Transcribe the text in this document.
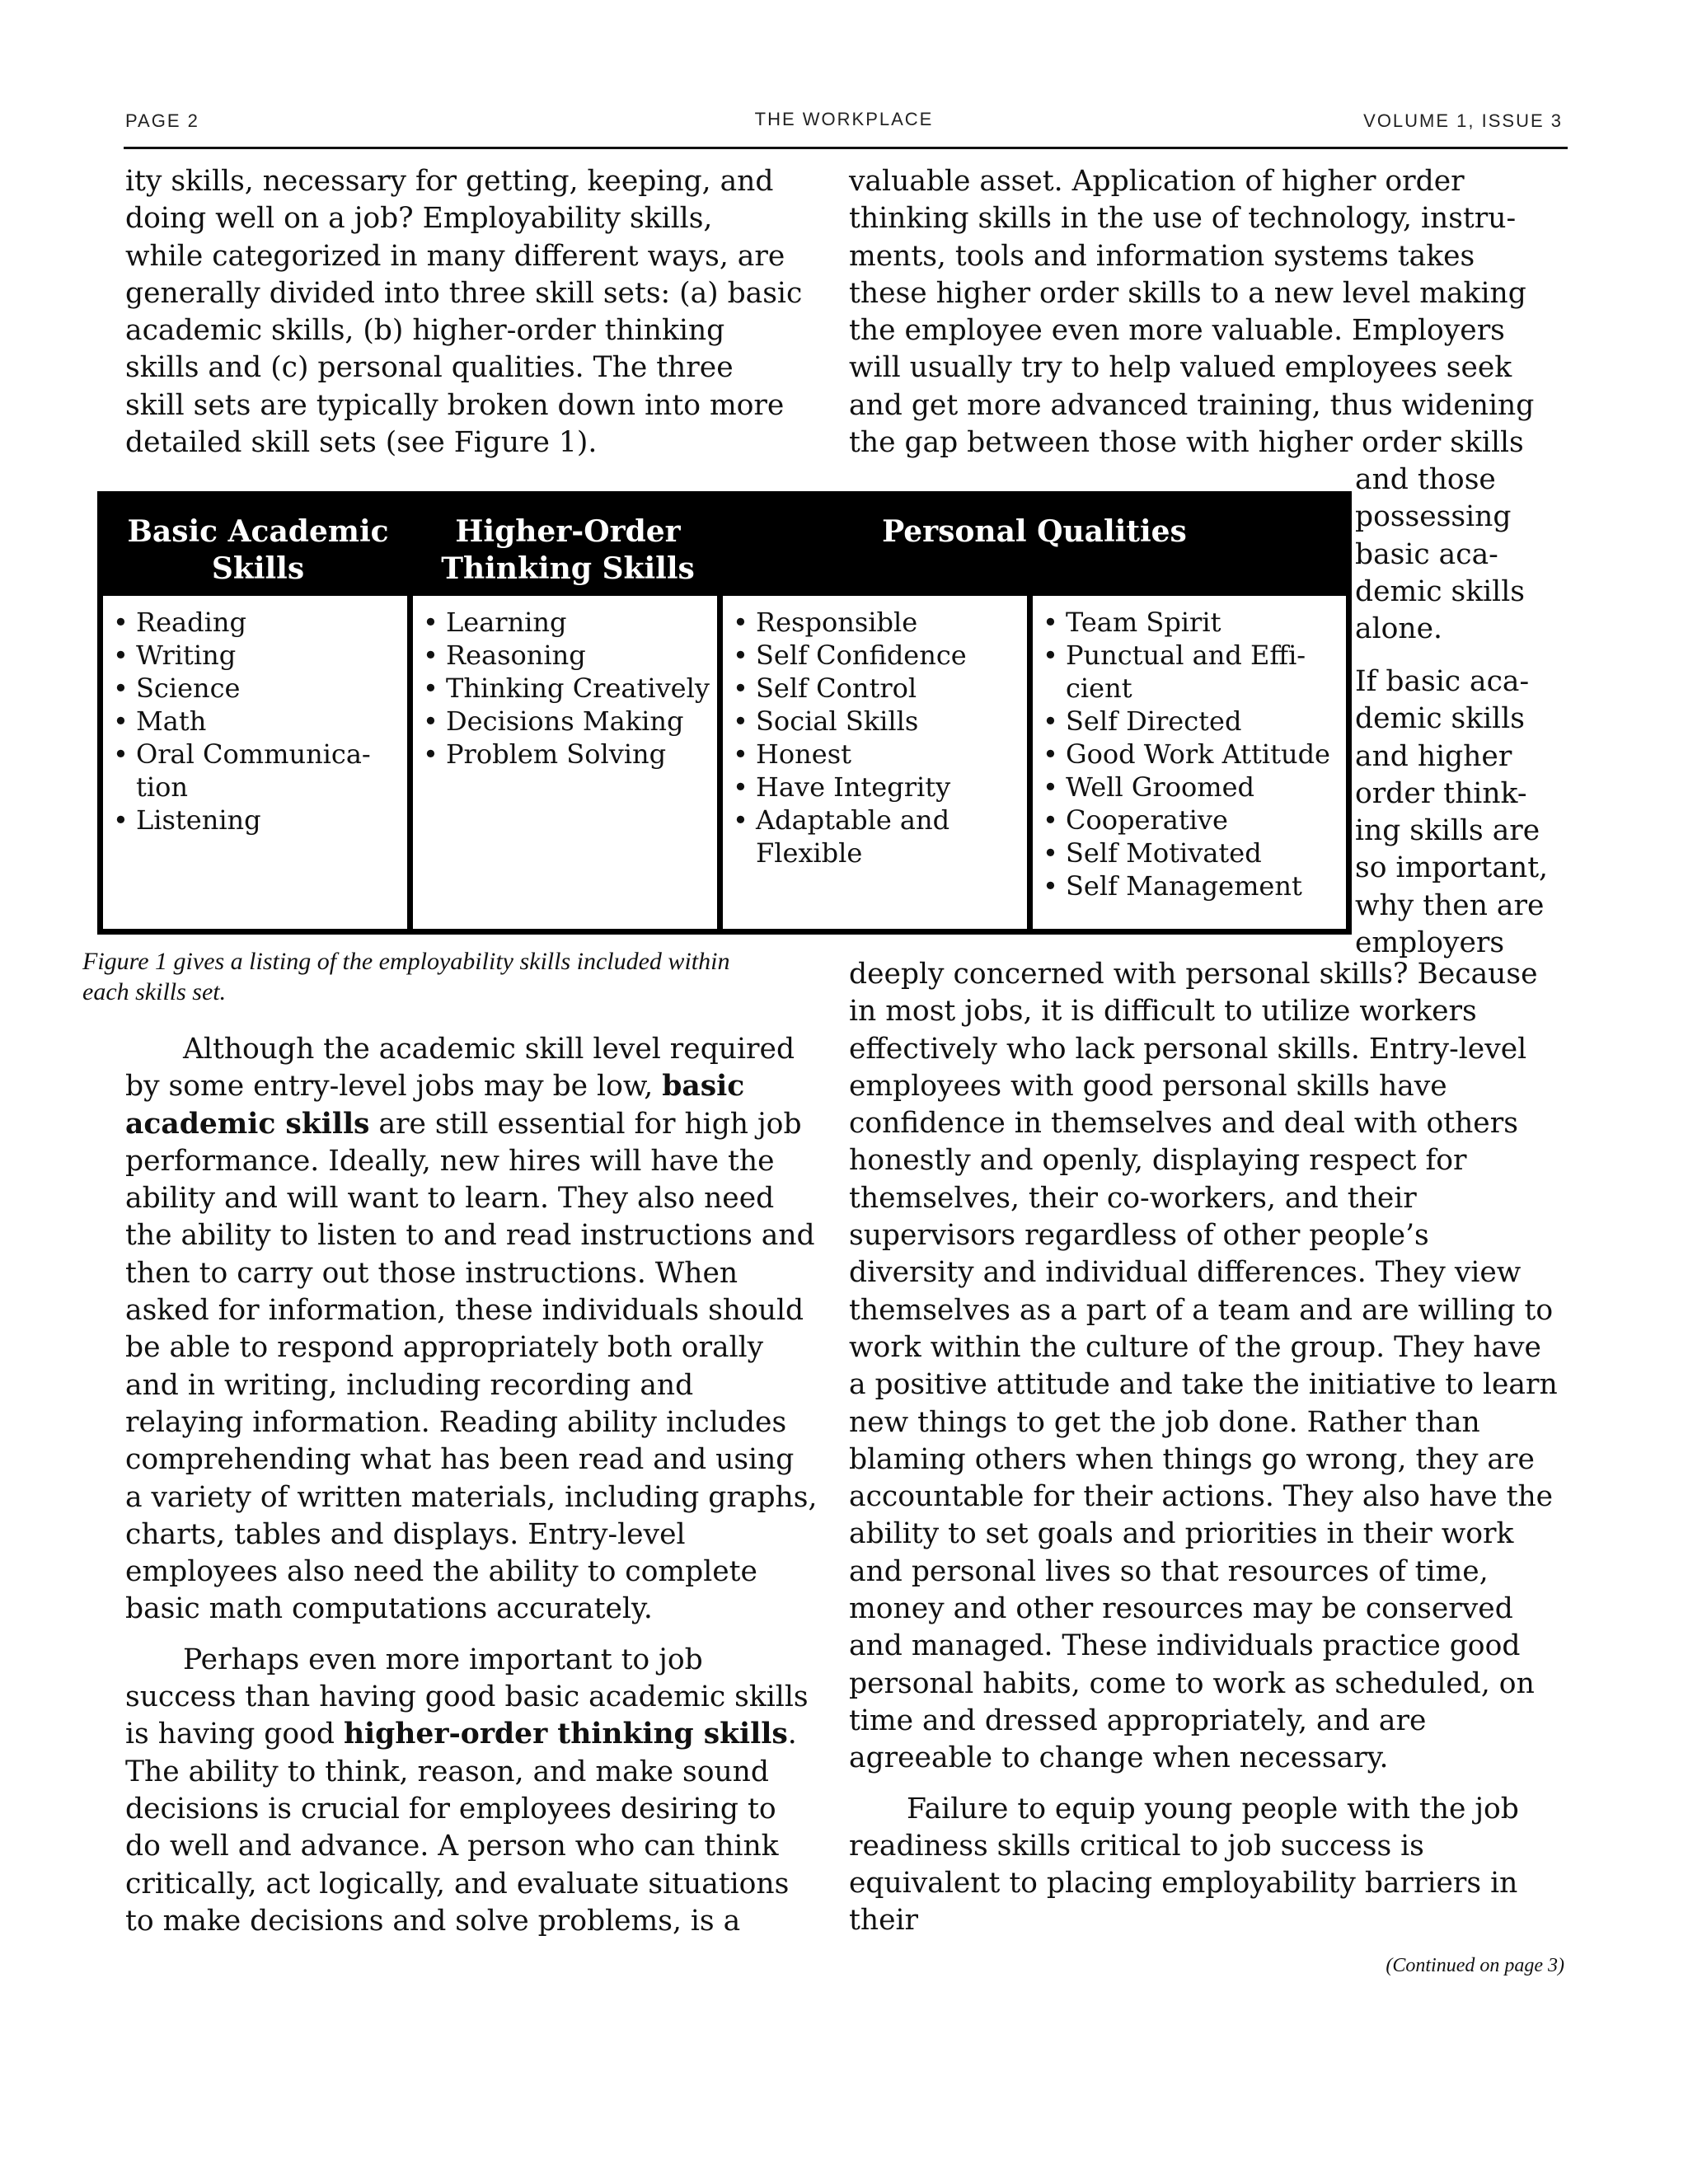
PAGE 2	THE WORKPLACE	VOLUME 1, ISSUE 3
ity skills, necessary for getting, keeping, and
doing well on a job? Employability skills,
while categorized in many different ways, are
generally divided into three skill sets: (a) basic
academic skills, (b) higher-order thinking
skills and (c) personal qualities. The three
skill sets are typically broken down into more
detailed skill sets (see Figure 1).
valuable asset. Application of higher order
thinking skills in the use of technology, instru-
ments, tools and information systems takes
these higher order skills to a new level making
the employee even more valuable. Employers
will usually try to help valued employees seek
and get more advanced training, thus widening
the gap between those with higher order skills
and those
possessing
basic aca-
demic skills
alone.
If basic aca-
demic skills
and higher
order think-
ing skills are
so important,
why then are
employers
Basic Academic
Skills
Higher-Order
Thinking Skills
Personal Qualities
• Reading
• Writing
• Science
• Math
• Oral Communica-
tion
• Listening
• Learning
• Reasoning
• Thinking Creatively
• Decisions Making
• Problem Solving
• Responsible
• Self Confidence
• Self Control
• Social Skills
• Honest
• Have Integrity
• Adaptable and
Flexible
• Team Spirit
• Punctual and Effi-
cient
• Self Directed
• Good Work Attitude
• Well Groomed
• Cooperative
• Self Motivated
• Self Management
Figure 1 gives a listing of the employability skills included within
each skills set.

Although the academic skill level required by some entry-level jobs may be low, basic academic skills are still essential for high job performance. Ideally, new hires will have the ability and will want to learn. They also need the ability to listen to and read instructions and then to carry out those instructions. When asked for information, these individuals should be able to respond appropriately both orally and in writing, including recording and relaying information. Reading ability includes comprehending what has been read and using a variety of written materials, including graphs, charts, tables and displays. Entry-level employees also need the ability to complete basic math computations accurately.

Perhaps even more important to job success than having good basic academic skills is having good higher-order thinking skills. The ability to think, reason, and make sound decisions is crucial for employees desiring to do well and advance. A person who can think critically, act logically, and evaluate situations to make decisions and solve problems, is a

deeply concerned with personal skills? Because in most jobs, it is difficult to utilize workers effectively who lack personal skills. Entry-level employees with good personal skills have confidence in themselves and deal with others honestly and openly, displaying respect for themselves, their co-workers, and their supervisors regardless of other people’s diversity and individual differences. They view themselves as a part of a team and are willing to work within the culture of the group. They have a positive attitude and take the initiative to learn new things to get the job done. Rather than blaming others when things go wrong, they are accountable for their actions. They also have the ability to set goals and priorities in their work and personal lives so that resources of time, money and other resources may be conserved and managed. These individuals practice good personal habits, come to work as scheduled, on time and dressed appropriately, and are agreeable to change when necessary.

Failure to equip young people with the job readiness skills critical to job success is equivalent to placing employability barriers in their

(Continued on page 3)
